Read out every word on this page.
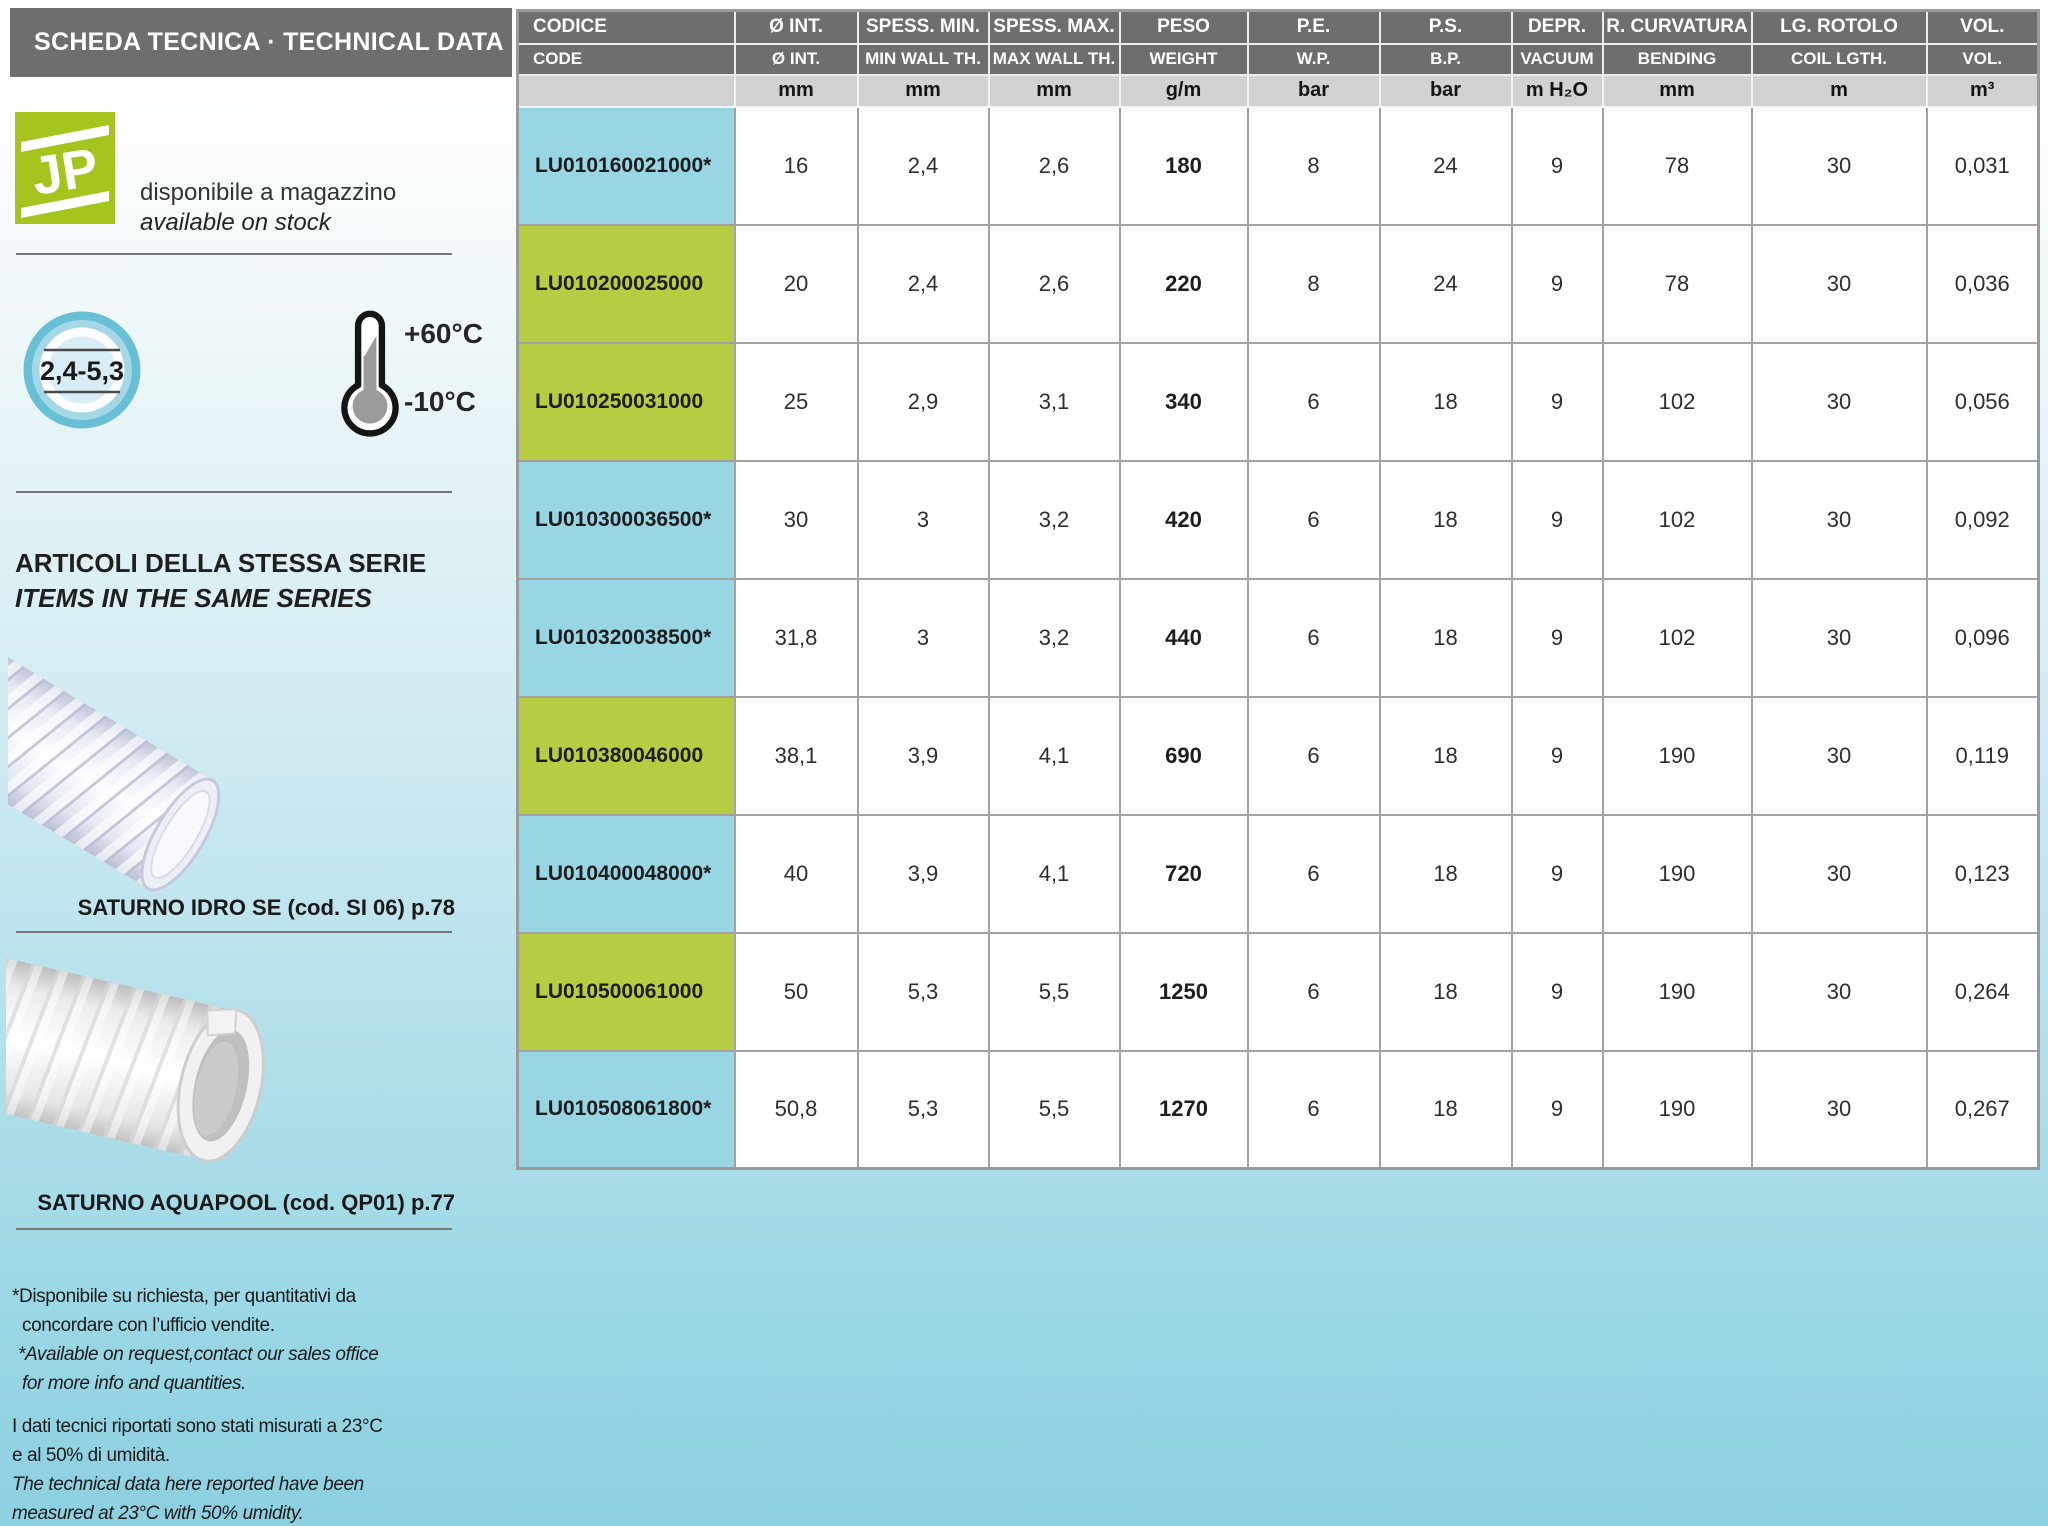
SCHEDA TECNICA · TECHNICAL DATA
JP disponibile a magazzino
available on stock
2,4-5,3
+60°C
-10°C
ARTICOLI DELLA STESSA SERIE
ITEMS IN THE SAME SERIES
SATURNO IDRO SE (cod. SI 06) p.78
SATURNO AQUAPOOL (cod. QP01) p.77
*Disponibile su richiesta, per quantitativi da
concordare con l’ufficio vendite.
*Available on request,contact our sales office
for more info and quantities.
I dati tecnici riportati sono stati misurati a 23°C
e al 50% di umidità.
The technical data here reported have been
measured at 23°C with 50% umidity.
CODICE	Ø INT.	SPESS. MIN.	SPESS. MAX.	PESO	P.E.	P.S.	DEPR.	R. CURVATURA	LG. ROTOLO	VOL.
CODE	Ø INT.	MIN WALL TH.	MAX WALL TH.	WEIGHT	W.P.	B.P.	VACUUM	BENDING	COIL LGTH.	VOL.
	mm	mm	mm	g/m	bar	bar	m H₂O	mm	m	m³
LU010160021000*	16	2,4	2,6	180	8	24	9	78	30	0,031
LU010200025000	20	2,4	2,6	220	8	24	9	78	30	0,036
LU010250031000	25	2,9	3,1	340	6	18	9	102	30	0,056
LU010300036500*	30	3	3,2	420	6	18	9	102	30	0,092
LU010320038500*	31,8	3	3,2	440	6	18	9	102	30	0,096
LU010380046000	38,1	3,9	4,1	690	6	18	9	190	30	0,119
LU010400048000*	40	3,9	4,1	720	6	18	9	190	30	0,123
LU010500061000	50	5,3	5,5	1250	6	18	9	190	30	0,264
LU010508061800*	50,8	5,3	5,5	1270	6	18	9	190	30	0,267
